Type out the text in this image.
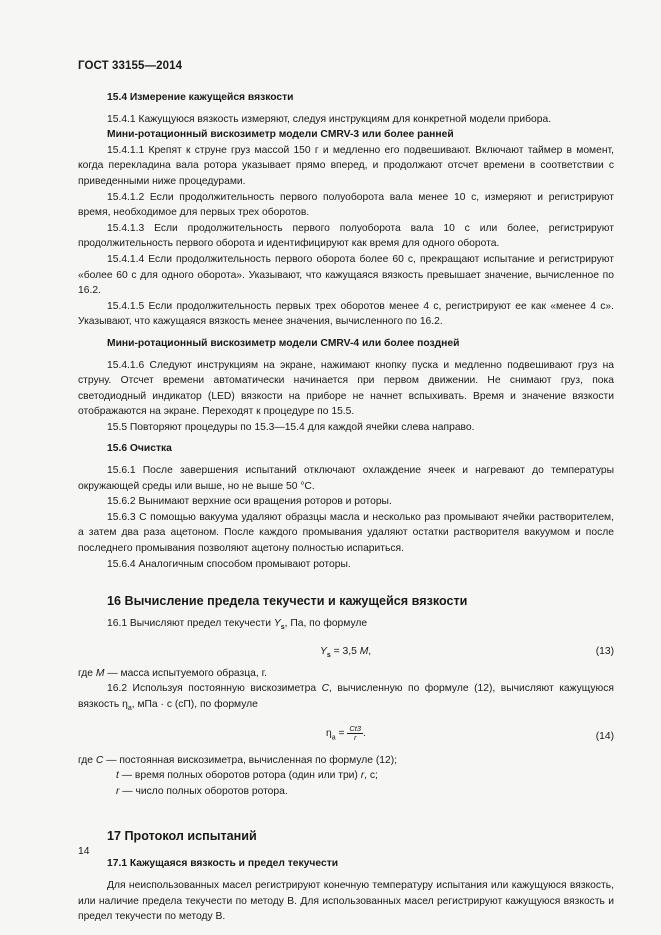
ГОСТ 33155—2014

15.4 Измерение кажущейся вязкости

15.4.1 Кажущуюся вязкость измеряют, следуя инструкциям для конкретной модели прибора.

Мини-ротационный вискозиметр модели CMRV-3 или более ранней

15.4.1.1 Крепят к струне груз массой 150 г и медленно его подвешивают. Включают таймер в момент, когда перекладина вала ротора указывает прямо вперед, и продолжают отсчет времени в соответствии с приведенными ниже процедурами.

15.4.1.2 Если продолжительность первого полуоборота вала менее 10 с, измеряют и регистрируют время, необходимое для первых трех оборотов.

15.4.1.3 Если продолжительность первого полуоборота вала 10 с или более, регистрируют продолжительность первого оборота и идентифицируют как время для одного оборота.

15.4.1.4 Если продолжительность первого оборота более 60 с, прекращают испытание и регистрируют «более 60 с для одного оборота». Указывают, что кажущаяся вязкость превышает значение, вычисленное по 16.2.

15.4.1.5 Если продолжительность первых трех оборотов менее 4 с, регистрируют ее как «менее 4 с». Указывают, что кажущаяся вязкость менее значения, вычисленного по 16.2.

Мини-ротационный вискозиметр модели CMRV-4 или более поздней

15.4.1.6 Следуют инструкциям на экране, нажимают кнопку пуска и медленно подвешивают груз на струну. Отсчет времени автоматически начинается при первом движении. Не снимают груз, пока светодиодный индикатор (LED) вязкости на приборе не начнет вспыхивать. Время и значение вязкости отображаются на экране. Переходят к процедуре по 15.5.

15.5 Повторяют процедуры по 15.3—15.4 для каждой ячейки слева направо.

15.6 Очистка

15.6.1 После завершения испытаний отключают охлаждение ячеек и нагревают до температуры окружающей среды или выше, но не выше 50 °С.

15.6.2 Вынимают верхние оси вращения роторов и роторы.

15.6.3 С помощью вакуума удаляют образцы масла и несколько раз промывают ячейки растворителем, а затем два раза ацетоном. После каждого промывания удаляют остатки растворителя вакуумом и после последнего промывания позволяют ацетону полностью испариться.

15.6.4 Аналогичным способом промывают роторы.

16 Вычисление предела текучести и кажущейся вязкости

16.1 Вычисляют предел текучести $Y_s$, Па, по формуле

$Y_s = 3,5$ M,	(13)

где M — масса испытуемого образца, г.

16.2 Используя постоянную вискозиметра C, вычисленную по формуле (12), вычисляют кажущуюся вязкость $\eta_a$, мПа · с (сП), по формуле

$\eta_a = \frac{Ct3}{r}$ .	(14)

где C — постоянная вискозиметра, вычисленная по формуле (12);

t — время полных оборотов ротора (один или три) r, с;

r — число полных оборотов ротора.

17 Протокол испытаний

17.1 Кажущаяся вязкость и предел текучести

Для неиспользованных масел регистрируют конечную температуру испытания или кажущуюся вязкость, или наличие предела текучести по методу В. Для использованных масел регистрируют кажущуюся вязкость и предел текучести по методу В.

14
